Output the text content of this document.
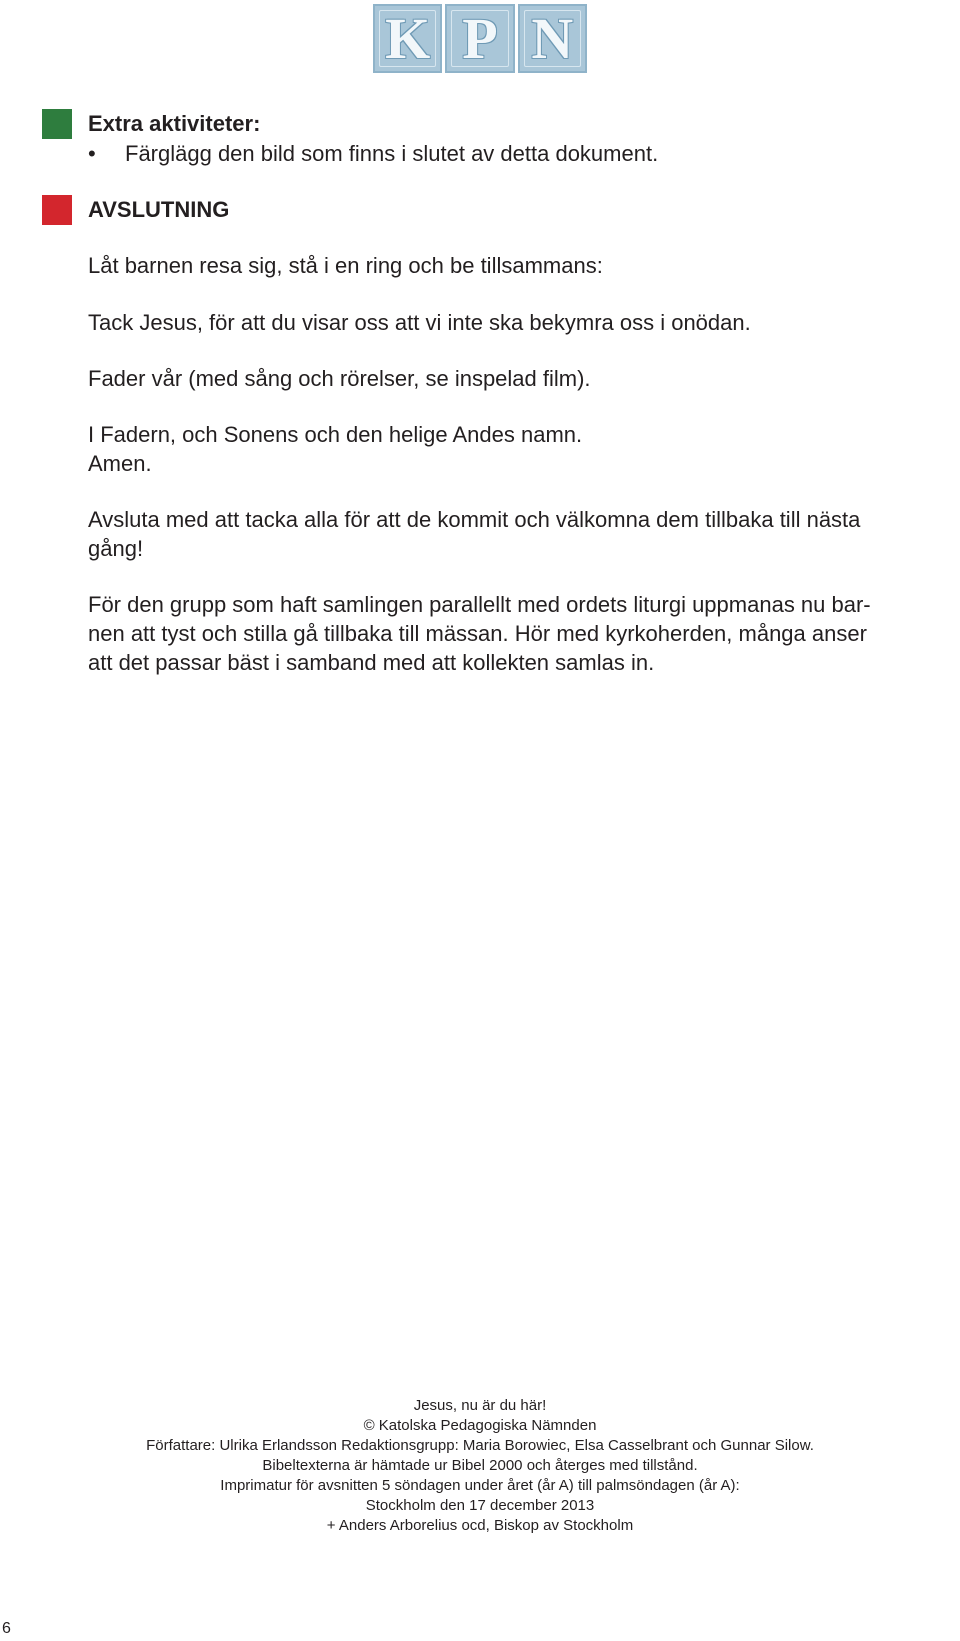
K P N
Extra aktiviteter:
• Färglägg den bild som finns i slutet av detta dokument.
AVSLUTNING
Låt barnen resa sig, stå i en ring och be tillsammans:
Tack Jesus, för att du visar oss att vi inte ska bekymra oss i onödan.
Fader vår (med sång och rörelser, se inspelad film).
I Fadern, och Sonens och den helige Andes namn.
Amen.
Avsluta med att tacka alla för att de kommit och välkomna dem tillbaka till nästa
gång!
För den grupp som haft samlingen parallellt med ordets liturgi uppmanas nu bar-
nen att tyst och stilla gå tillbaka till mässan. Hör med kyrkoherden, många anser
att det passar bäst i samband med att kollekten samlas in.
Jesus, nu är du här!
© Katolska Pedagogiska Nämnden
Författare: Ulrika Erlandsson Redaktionsgrupp: Maria Borowiec, Elsa Casselbrant och Gunnar Silow.
Bibeltexterna är hämtade ur Bibel 2000 och återges med tillstånd.
Imprimatur för avsnitten 5 söndagen under året (år A) till palmsöndagen (år A):
Stockholm den 17 december 2013
+ Anders Arborelius ocd, Biskop av Stockholm
6
